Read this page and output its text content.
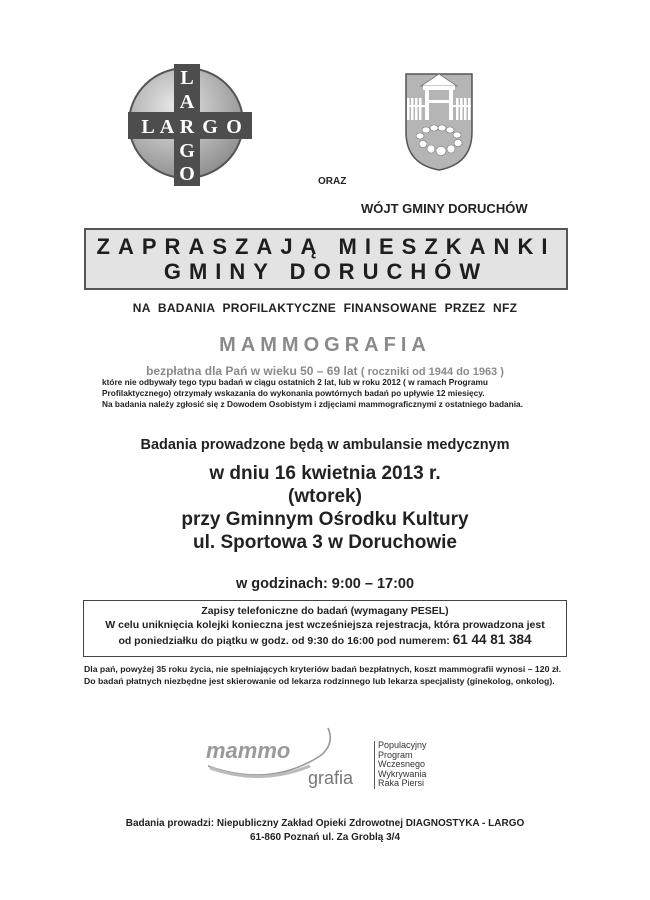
L A R G O
L
A
G
O	ORAZ
WÓJT GMINY DORUCHÓW
ZAPRASZAJĄ MIESZKANKI
GMINY DORUCHÓW
NA BADANIA PROFILAKTYCZNE FINANSOWANE PRZEZ NFZ
MAMMOGRAFIA
bezpłatna dla Pań w wieku 50 – 69 lat ( roczniki od 1944 do 1963 )
które nie odbywały tego typu badań w ciągu ostatnich 2 lat, lub w roku 2012 ( w ramach Programu
Profilaktycznego) otrzymały wskazania do wykonania powtórnych badań po upływie 12 miesięcy.
Na badania należy zgłosić się z Dowodem Osobistym i zdjęciami mammograficznymi z ostatniego badania.
Badania prowadzone będą w ambulansie medycznym
w dniu 16 kwietnia 2013 r.
(wtorek)
przy Gminnym Ośrodku Kultury
ul. Sportowa 3 w Doruchowie
w godzinach: 9:00 – 17:00
Zapisy telefoniczne do badań (wymagany PESEL)
W celu uniknięcia kolejki konieczna jest wcześniejsza rejestracja, która prowadzona jest
od poniedziałku do piątku w godz. od 9:30 do 16:00 pod numerem: 61 44 81 384
Dla pań, powyżej 35 roku życia, nie spełniających kryteriów badań bezpłatnych, koszt mammografii wynosi – 120 zł. Do badań płatnych niezbędne jest skierowanie od lekarza rodzinnego lub lekarza specjalisty (ginekolog, onkolog).
mammo
grafia
Populacyjny
Program
Wczesnego
Wykrywania
Raka Piersi
Badania prowadzi: Niepubliczny Zakład Opieki Zdrowotnej DIAGNOSTYKA - LARGO
61-860 Poznań ul. Za Groblą 3/4
